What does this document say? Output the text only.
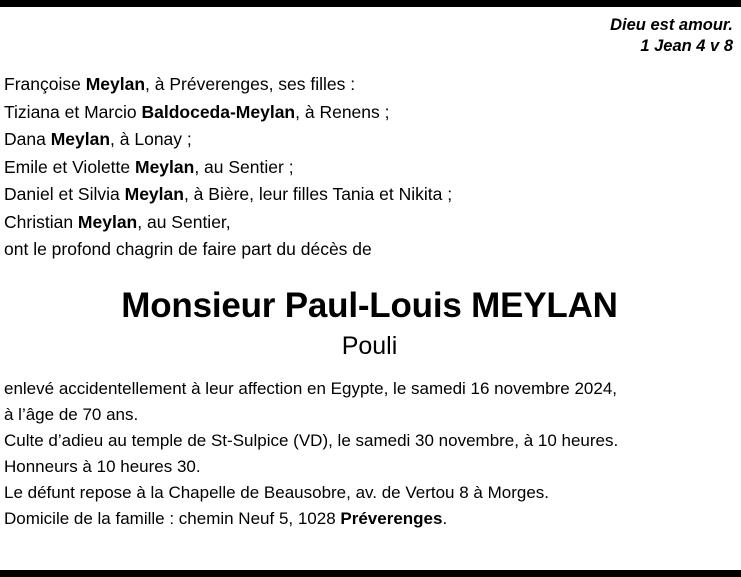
Dieu est amour.
1 Jean 4 v 8
Françoise Meylan, à Préverenges, ses filles :
Tiziana et Marcio Baldoceda-Meylan, à Renens ;
Dana Meylan, à Lonay ;
Emile et Violette Meylan, au Sentier ;
Daniel et Silvia Meylan, à Bière, leur filles Tania et Nikita ;
Christian Meylan, au Sentier,
ont le profond chagrin de faire part du décès de
Monsieur Paul-Louis MEYLAN
Pouli
enlevé accidentellement à leur affection en Egypte, le samedi 16 novembre 2024,
à l’âge de 70 ans.
Culte d’adieu au temple de St-Sulpice (VD), le samedi 30 novembre, à 10 heures.
Honneurs à 10 heures 30.
Le défunt repose à la Chapelle de Beausobre, av. de Vertou 8 à Morges.
Domicile de la famille : chemin Neuf 5, 1028 Préverenges.
